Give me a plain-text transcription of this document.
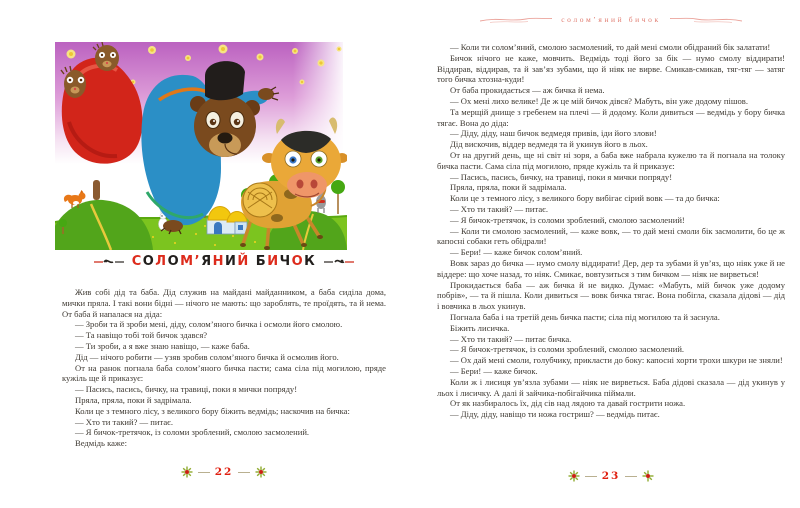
СОЛОМ’ЯНИЙ БИЧОК

Жив собі дід та баба. Дід служив на майдані майданником, а баба сиділа дома, мички пряла. І такі вони бідні — нічого не мають: що зароблять, те проїдять, та й нема. От баба й напалася на діда:

— Зроби та й зроби мені, діду, солом’яного бичка і осмоли його смолою.

— Та навіщо тобі той бичок здався?

— Ти зроби, а я вже знаю навіщо, — каже баба.

Дід — нічого робити — узяв зробив солом’яного бичка й осмолив його.

От на ранок погнала баба солом’яного бичка пасти; сама сіла під могилою, пряде кужіль ще й приказує:

— Пасись, пасись, бичку, на травиці, поки я мички попряду!

Пряла, пряла, поки й задрімала.

Коли це з темного лісу, з великого бору біжить ведмідь; наскочив на бичка:

— Хто ти такий? — питає.

— Я бичок-третячок, із соломи зроблений, смолою засмолений.

Ведмідь каже:

22
солом’яний бичок

— Коли ти солом’яний, смолою засмолений, то дай мені смоли обідраний бік залатати!

Бичок нічого не каже, мовчить. Ведмідь тоді його за бік — нумо смолу віддирати! Віддирав, віддирав, та й зав’яз зубами, що й ніяк не вирве. Смикав-смикав, тяг-тяг — затяг того бичка хтозна-куди!

От баба прокидається — аж бичка й нема.

— Ох мені лихо велике! Де ж це мій бичок дівся? Мабуть, він уже додому пішов.

Та мерщій днище з гребенем на плечі — й додому. Коли дивиться — ведмідь у бору бичка тягає. Вона до діда:

— Діду, діду, наш бичок ведмедя привів, іди його злови!

Дід вискочив, віддер ведмедя та й укинув його в льох.

От на другий день, ще ні світ ні зоря, а баба вже набрала кужелю та й погнала на толоку бичка пасти. Сама сіла під могилою, пряде кужіль та й приказує:

— Пасись, пасись, бичку, на травиці, поки я мички попряду!

Пряла, пряла, поки й задрімала.

Коли це з темного лісу, з великого бору вибігає сірий вовк — та до бичка:

— Хто ти такий? — питає.

— Я бичок-третячок, із соломи зроблений, смолою засмолений!

— Коли ти смолою засмолений, — каже вовк, — то дай мені смоли бік засмолити, бо це ж капосні собаки геть обідрали!

— Бери! — каже бичок солом’яний.

Вовк зараз до бичка — нумо смолу віддирати! Дер, дер та зубами й ув’яз, що ніяк уже й не віддере: що хоче назад, то ніяк. Смикає, вовтузиться з тим бичком — ніяк не вирветься!

Прокидається баба — аж бичка й не видко. Думає: «Мабуть, мій бичок уже додому побрів», — та й пішла. Коли дивиться — вовк бичка тягає. Вона побігла, сказала дідові — дід і вовчика в льох укинув.

Погнала баба і на третій день бичка пасти; сіла під могилою та й заснула.

Біжить лисичка.

— Хто ти такий? — питає бичка.

— Я бичок-третячок, із соломи зроблений, смолою засмолений.

— Ох дай мені смоли, голубчику, прикласти до боку: капосні хорти трохи шкури не зняли!

— Бери! — каже бичок.

Коли ж і лисиця ув’язла зубами — ніяк не вирветься. Баба дідові сказала — дід укинув у льох і лисичку. А далі й зайчика-побігайчика піймали.

От як назбиралось їх, дід сів над лядою та давай гострити ножа.

— Діду, діду, навіщо ти ножа гостриш? — ведмідь питає.

23
